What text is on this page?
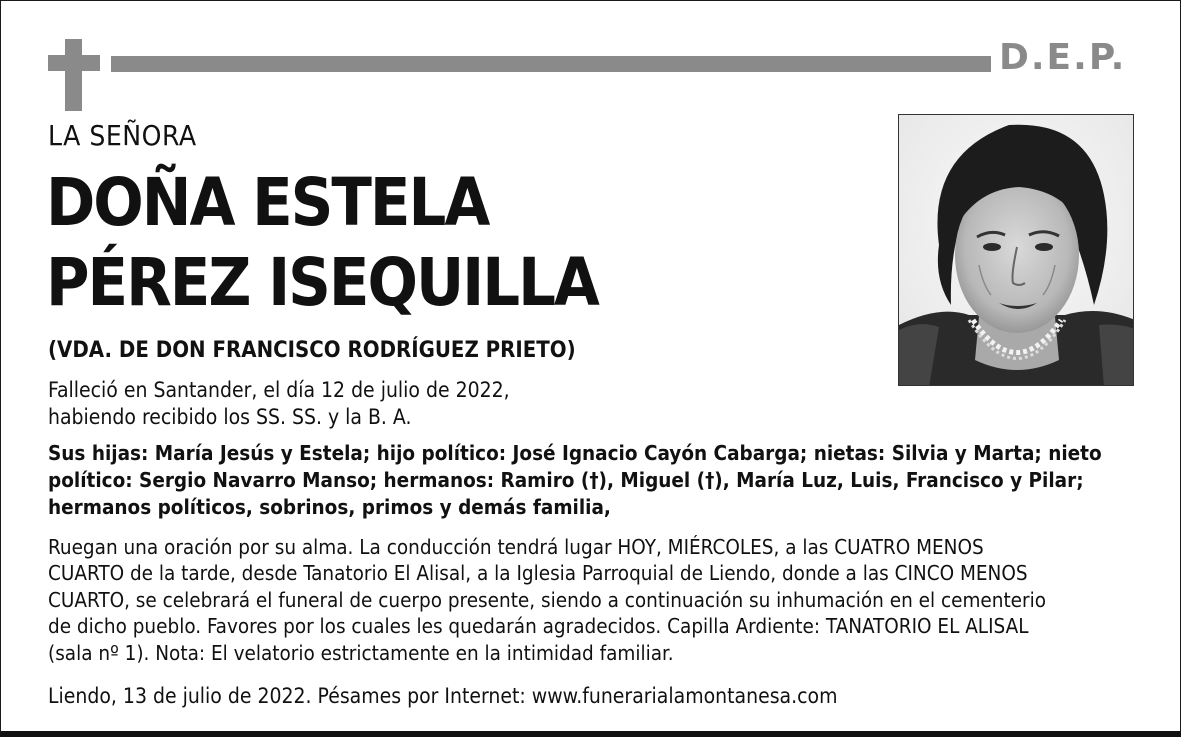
D.E.P.
LA SEÑORA
DOÑA ESTELA
PÉREZ ISEQUILLA
(VDA. DE DON FRANCISCO RODRÍGUEZ PRIETO)
Falleció en Santander, el día 12 de julio de 2022,
habiendo recibido los SS. SS. y la B. A.
Sus hijas: María Jesús y Estela; hijo político: José Ignacio Cayón Cabarga; nietas: Silvia y Marta; nieto
político: Sergio Navarro Manso; hermanos: Ramiro (†), Miguel (†), María Luz, Luis, Francisco y Pilar;
hermanos políticos, sobrinos, primos y demás familia,
Ruegan una oración por su alma. La conducción tendrá lugar HOY, MIÉRCOLES, a las CUATRO MENOS
CUARTO de la tarde, desde Tanatorio El Alisal, a la Iglesia Parroquial de Liendo, donde a las CINCO MENOS
CUARTO, se celebrará el funeral de cuerpo presente, siendo a continuación su inhumación en el cementerio
de dicho pueblo. Favores por los cuales les quedarán agradecidos. Capilla Ardiente: TANATORIO EL ALISAL
(sala nº 1). Nota: El velatorio estrictamente en la intimidad familiar.
Liendo, 13 de julio de 2022. Pésames por Internet: www.funerarialamontanesa.com
